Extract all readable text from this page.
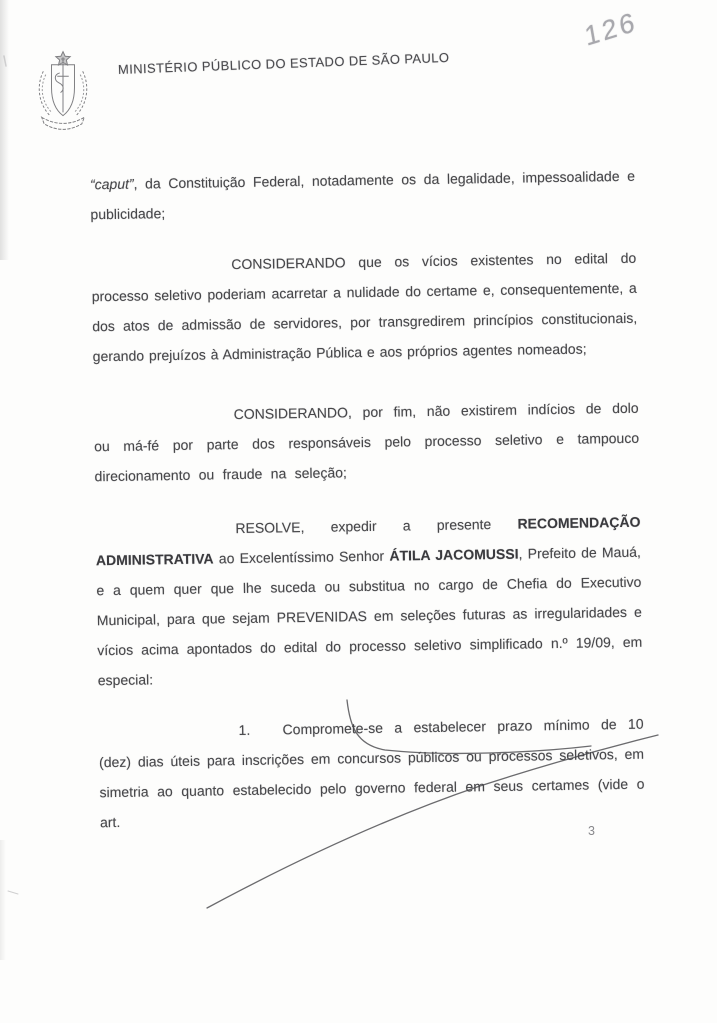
126
MINISTÉRIO PÚBLICO DO ESTADO DE SÃO PAULO

“caput”, da Constituição Federal, notadamente os da legalidade, impessoalidade e publicidade;

CONSIDERANDO que os vícios existentes no edital do processo seletivo poderiam acarretar a nulidade do certame e, consequentemente, a dos atos de admissão de servidores, por transgredirem princípios constitucionais, gerando prejuízos à Administração Pública e aos próprios agentes nomeados;

CONSIDERANDO, por fim, não existirem indícios de dolo ou má-fé por parte dos responsáveis pelo processo seletivo e tampouco direcionamento ou fraude na seleção;

RESOLVE, expedir a presente RECOMENDAÇÃO ADMINISTRATIVA ao Excelentíssimo Senhor ÁTILA JACOMUSSI, Prefeito de Mauá, e a quem quer que lhe suceda ou substitua no cargo de Chefia do Executivo Municipal, para que sejam PREVENIDAS em seleções futuras as irregularidades e vícios acima apontados do edital do processo seletivo simplificado n.º 19/09, em especial:

1. Compromete-se a estabelecer prazo mínimo de 10 (dez) dias úteis para inscrições em concursos públicos ou processos seletivos, em simetria ao quanto estabelecido pelo governo federal em seus certames (vide o art.

3
